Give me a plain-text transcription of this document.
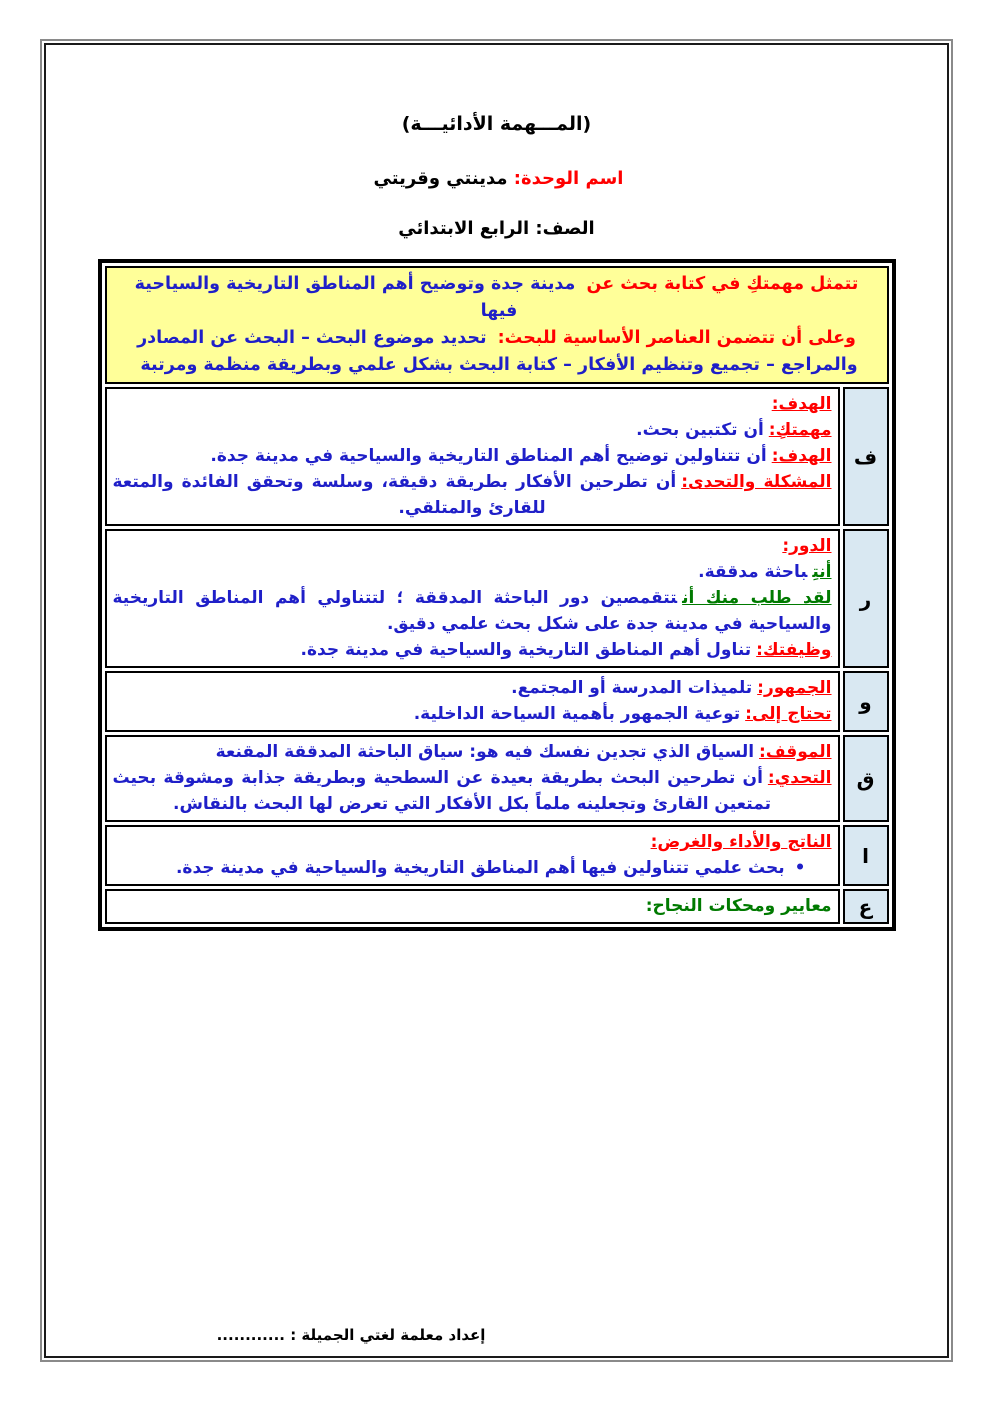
(المـــهمة الأدائيـــة)
اسم الوحدة: مدينتي وقريتي
الصف: الرابع الابتدائي
تتمثل مهمتكِ في كتابة بحث عن مدينة جدة وتوضيح أهم المناطق التاريخية والسياحية فيها
وعلى أن تتضمن العناصر الأساسية للبحث: تحديد موضوع البحث – البحث عن المصادر والمراجع – تجميع وتنظيم الأفكار – كتابة البحث بشكل علمي وبطريقة منظمة ومرتبة
ف

الهدف:

مهمتكِ:أن تكتبين بحث.

الهدف:أن تتناولين توضيح أهم المناطق التاريخية والسياحية في مدينة جدة.

المشكلة والتحدى:أن تطرحين الأفكار بطريقة دقيقة، وسلسة وتحقق الفائدة والمتعة للقارئ والمتلقي.

ر

الدور:

أنتِباحثة مدققة.

لقد طلب منك أنتتقمصين دور الباحثة المدققة ؛ لتتناولي أهم المناطق التاريخية والسياحية في مدينة جدة على شكل بحث علمي دقيق.

وظيفتك:تناول أهم المناطق التاريخية والسياحية في مدينة جدة.

و

الجمهور:تلميذات المدرسة أو المجتمع.

تحتاج إلى:توعية الجمهور بأهمية السياحة الداخلية.

ق

الموقف:السياق الذي تجدين نفسك فيه هو: سياق الباحثة المدققة المقنعة

التحدي:أن تطرحين البحث بطريقة بعيدة عن السطحية وبطريقة جذابة ومشوقة بحيث تمتعين القارئ وتجعلينه ملماً بكل الأفكار التي تعرض لها البحث بالنقاش.

ا

الناتج والأداء والغرض:

•بحث علمي تتناولين فيها أهم المناطق التاريخية والسياحية في مدينة جدة.

ع

معايير ومحكات النجاح:

إعداد معلمة لغتي الجميلة : ............
